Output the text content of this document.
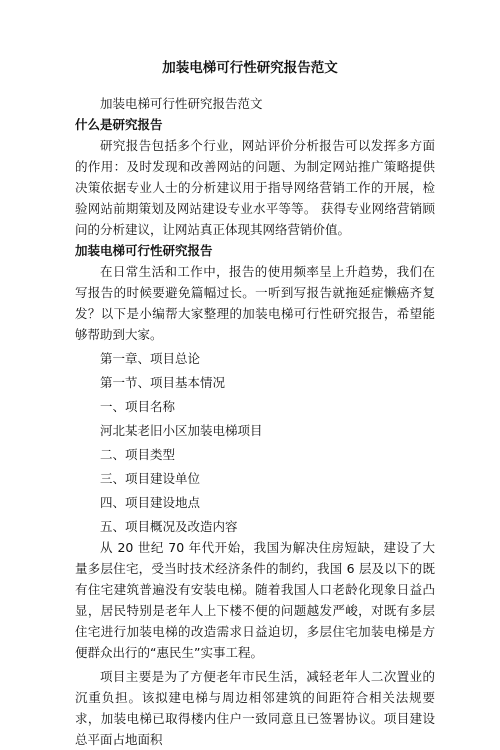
加装电梯可行性研究报告范文

加装电梯可行性研究报告范文

什么是研究报告

研究报告包括多个行业，网站评价分析报告可以发挥多方面的作用：及时发现和改善网站的问题、为制定网站推广策略提供决策依据专业人士的分析建议用于指导网络营销工作的开展，检验网站前期策划及网站建设专业水平等等。 获得专业网络营销顾问的分析建议，让网站真正体现其网络营销价值。

加装电梯可行性研究报告

在日常生活和工作中，报告的使用频率呈上升趋势，我们在写报告的时候要避免篇幅过长。一听到写报告就拖延症懒癌齐复发？以下是小编帮大家整理的加装电梯可行性研究报告，希望能够帮助到大家。

第一章、项目总论

第一节、项目基本情况

一、项目名称

河北某老旧小区加装电梯项目

二、项目类型

三、项目建设单位

四、项目建设地点

五、项目概况及改造内容

从 20 世纪 70 年代开始，我国为解决住房短缺，建设了大量多层住宅，受当时技术经济条件的制约，我国 6 层及以下的既有住宅建筑普遍没有安装电梯。随着我国人口老龄化现象日益凸显，居民特别是老年人上下楼不便的问题越发严峻，对既有多层住宅进行加装电梯的改造需求日益迫切，多层住宅加装电梯是方便群众出行的“惠民生”实事工程。

项目主要是为了方便老年市民生活，减轻老年人二次置业的沉重负担。该拟建电梯与周边相邻建筑的间距符合相关法规要求，加装电梯已取得楼内住户一致同意且已签署协议。项目建设总平面占地面积
